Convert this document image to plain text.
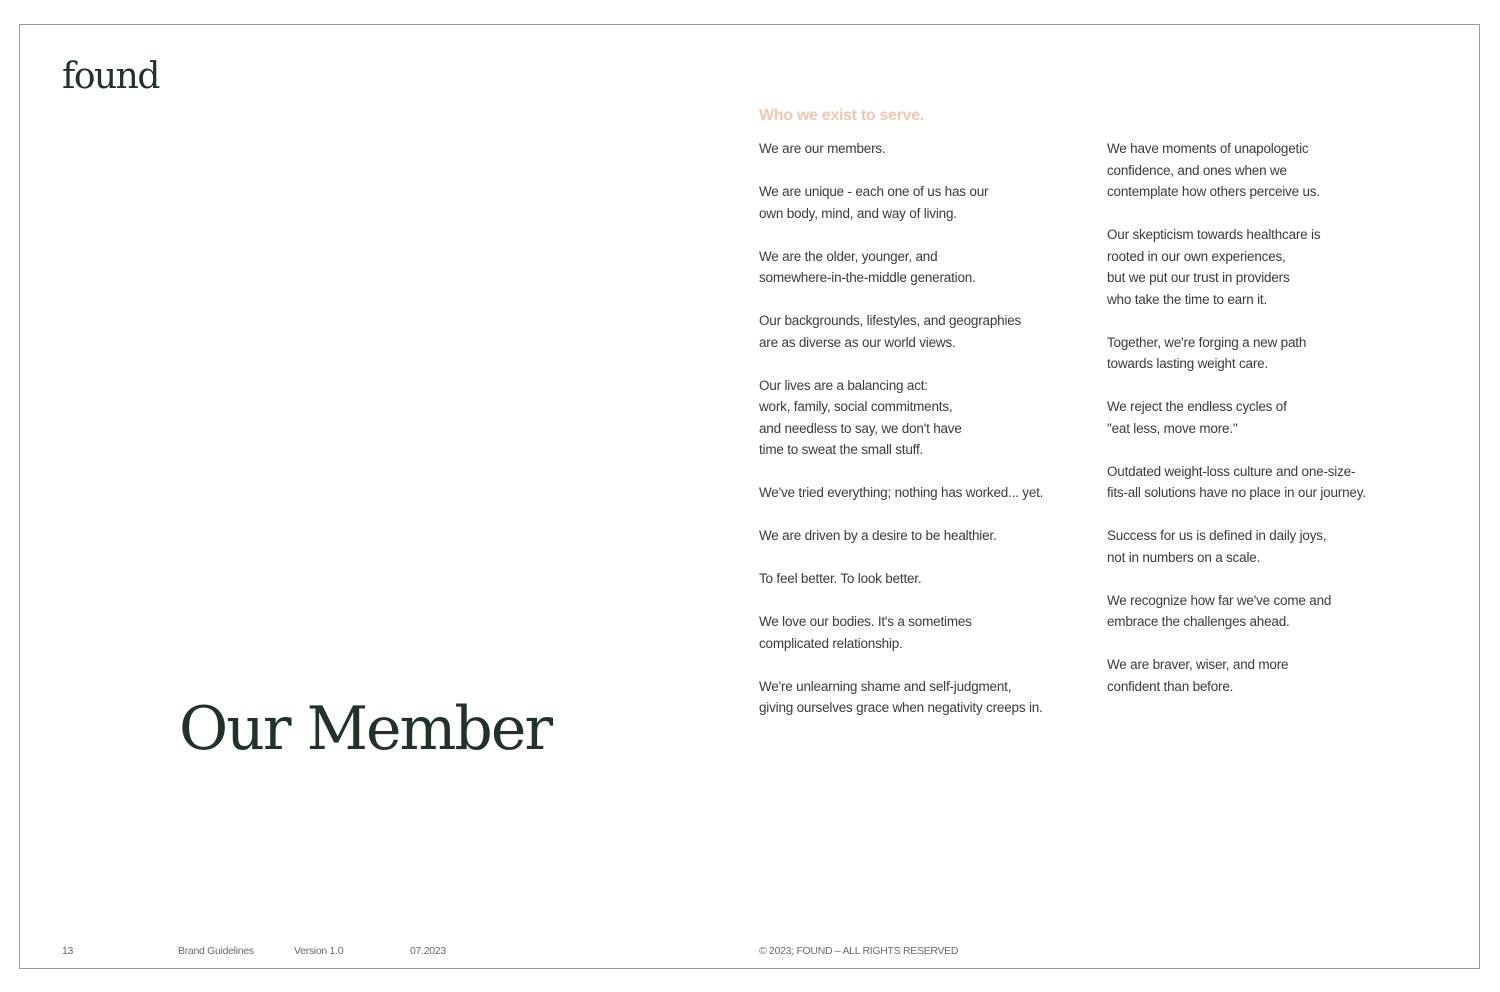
found
Our Member
Who we exist to serve.

We are our members.

We are unique - each one of us has our
own body, mind, and way of living.

We are the older, younger, and
somewhere-in-the-middle generation.

Our backgrounds, lifestyles, and geographies
are as diverse as our world views.

Our lives are a balancing act:
work, family, social commitments,
and needless to say, we don't have
time to sweat the small stuff.

We've tried everything; nothing has worked... yet.

We are driven by a desire to be healthier.

To feel better. To look better.

We love our bodies. It's a sometimes
complicated relationship.

We're unlearning shame and self-judgment,
giving ourselves grace when negativity creeps in.

We have moments of unapologetic
confidence, and ones when we
contemplate how others perceive us.

Our skepticism towards healthcare is
rooted in our own experiences,
but we put our trust in providers
who take the time to earn it.

Together, we're forging a new path
towards lasting weight care.

We reject the endless cycles of
"eat less, move more."

Outdated weight-loss culture and one-size-
fits-all solutions have no place in our journey.

Success for us is defined in daily joys,
not in numbers on a scale.

We recognize how far we've come and
embrace the challenges ahead.

We are braver, wiser, and more
confident than before.

13	Brand Guidelines	Version 1.0	07.2023	© 2023; FOUND – ALL RIGHTS RESERVED
